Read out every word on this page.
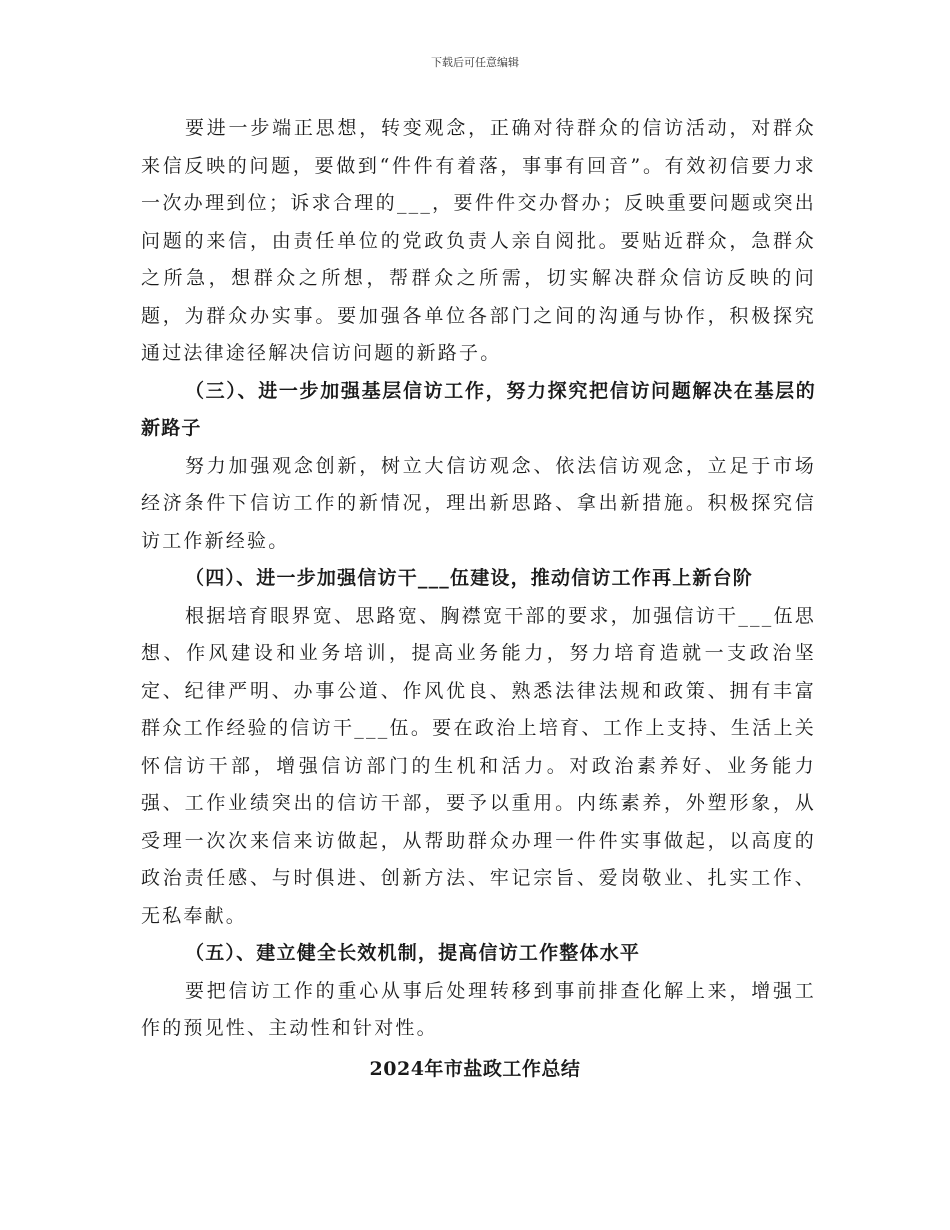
下载后可任意编辑

要进一步端正思想，转变观念，正确对待群众的信访活动，对群众来信反映的问题，要做到“件件有着落，事事有回音”。有效初信要力求一次办理到位；诉求合理的___，要件件交办督办；反映重要问题或突出问题的来信，由责任单位的党政负责人亲自阅批。要贴近群众，急群众之所急，想群众之所想，帮群众之所需，切实解决群众信访反映的问题，为群众办实事。要加强各单位各部门之间的沟通与协作，积极探究通过法律途径解决信访问题的新路子。

（三）、进一步加强基层信访工作，努力探究把信访问题解决在基层的新路子

努力加强观念创新，树立大信访观念、依法信访观念，立足于市场经济条件下信访工作的新情况，理出新思路、拿出新措施。积极探究信访工作新经验。

（四）、进一步加强信访干___伍建设，推动信访工作再上新台阶

根据培育眼界宽、思路宽、胸襟宽干部的要求，加强信访干___伍思想、作风建设和业务培训，提高业务能力，努力培育造就一支政治坚定、纪律严明、办事公道、作风优良、熟悉法律法规和政策、拥有丰富群众工作经验的信访干___伍。要在政治上培育、工作上支持、生活上关怀信访干部，增强信访部门的生机和活力。对政治素养好、业务能力强、工作业绩突出的信访干部，要予以重用。内练素养，外塑形象，从受理一次次来信来访做起，从帮助群众办理一件件实事做起，以高度的政治责任感、与时俱进、创新方法、牢记宗旨、爱岗敬业、扎实工作、无私奉献。

（五）、建立健全长效机制，提高信访工作整体水平

要把信访工作的重心从事后处理转移到事前排查化解上来，增强工作的预见性、主动性和针对性。

2024年市盐政工作总结
